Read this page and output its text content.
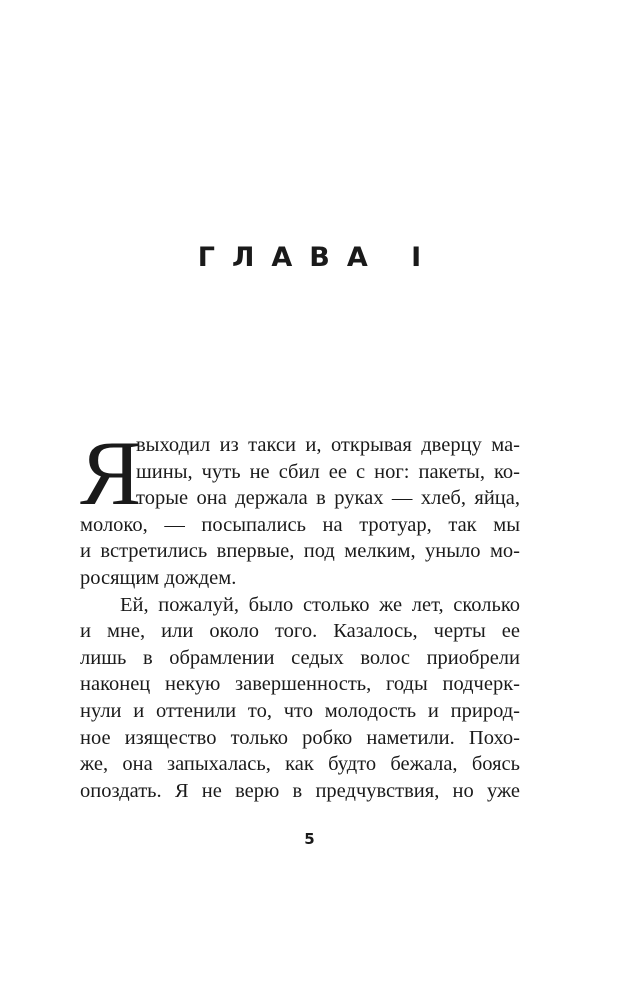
ГЛАВА I
Я
выходил из такси и, открывая дверцу ма-
шины, чуть не сбил ее с ног: пакеты, ко-
торые она держала в руках — хлеб, яйца,
молоко, — посыпались на тротуар, так мы
и встретились впервые, под мелким, уныло мо-
росящим дождем.
Ей, пожалуй, было столько же лет, сколько
и мне, или около того. Казалось, черты ее
лишь в обрамлении седых волос приобрели
наконец некую завершенность, годы подчерк-
нули и оттенили то, что молодость и природ-
ное изящество только робко наметили. Похо-
же, она запыхалась, как будто бежала, боясь
опоздать. Я не верю в предчувствия, но уже
5
